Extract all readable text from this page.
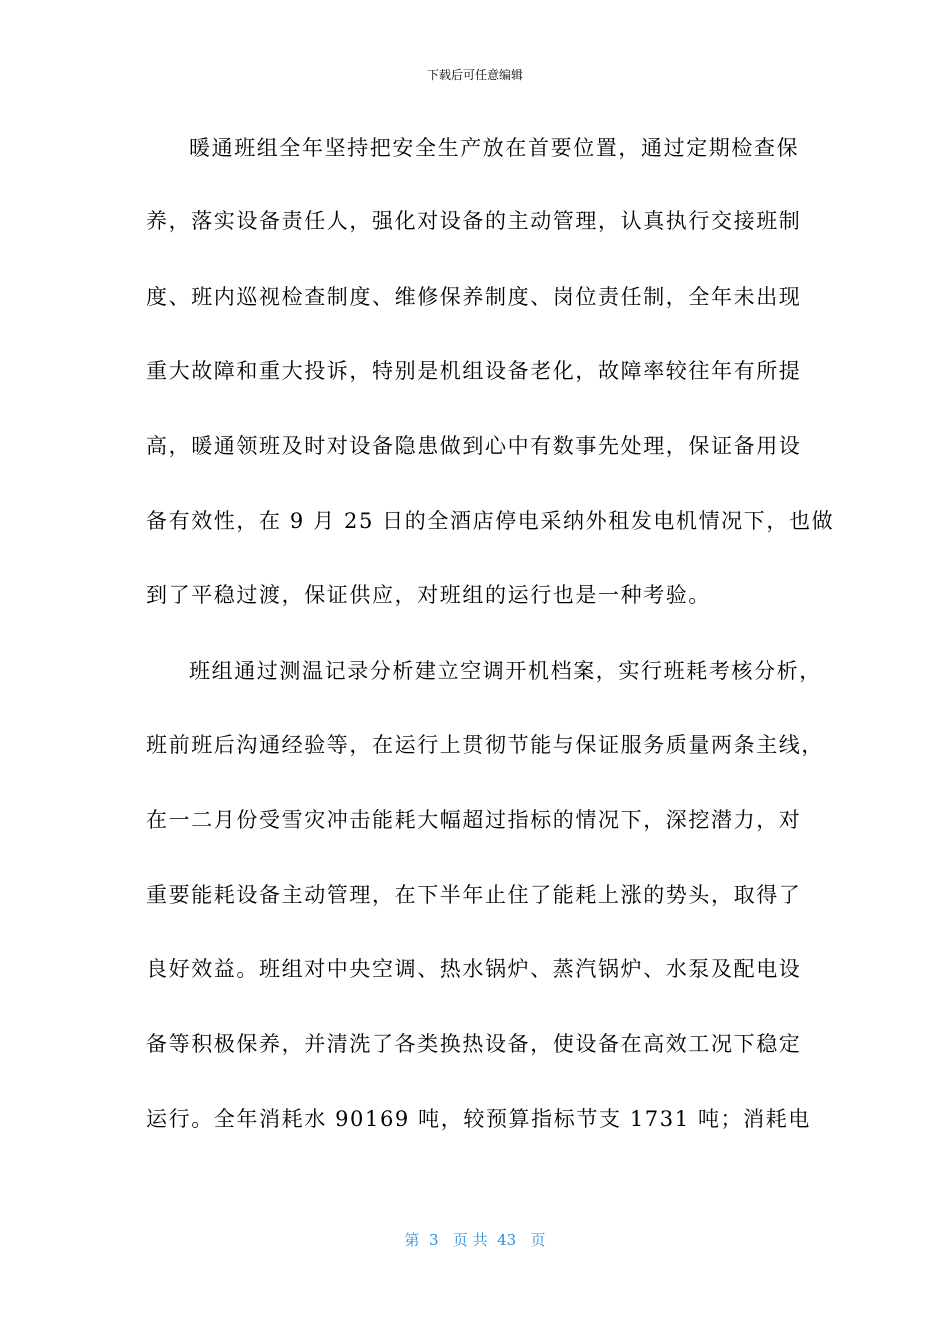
下载后可任意编辑
暖通班组全年坚持把安全生产放在首要位置，通过定期检查保
养，落实设备责任人，强化对设备的主动管理，认真执行交接班制
度、班内巡视检查制度、维修保养制度、岗位责任制，全年未出现
重大故障和重大投诉，特别是机组设备老化，故障率较往年有所提
高，暖通领班及时对设备隐患做到心中有数事先处理，保证备用设
备有效性，在 9 月 25 日的全酒店停电采纳外租发电机情况下，也做
到了平稳过渡，保证供应，对班组的运行也是一种考验。
班组通过测温记录分析建立空调开机档案，实行班耗考核分析，
班前班后沟通经验等，在运行上贯彻节能与保证服务质量两条主线，
在一二月份受雪灾冲击能耗大幅超过指标的情况下，深挖潜力，对
重要能耗设备主动管理，在下半年止住了能耗上涨的势头，取得了
良好效益。班组对中央空调、热水锅炉、蒸汽锅炉、水泵及配电设
备等积极保养，并清洗了各类换热设备，使设备在高效工况下稳定
运行。全年消耗水 90169 吨，较预算指标节支 1731 吨；消耗电
第  3   页 共  43   页
